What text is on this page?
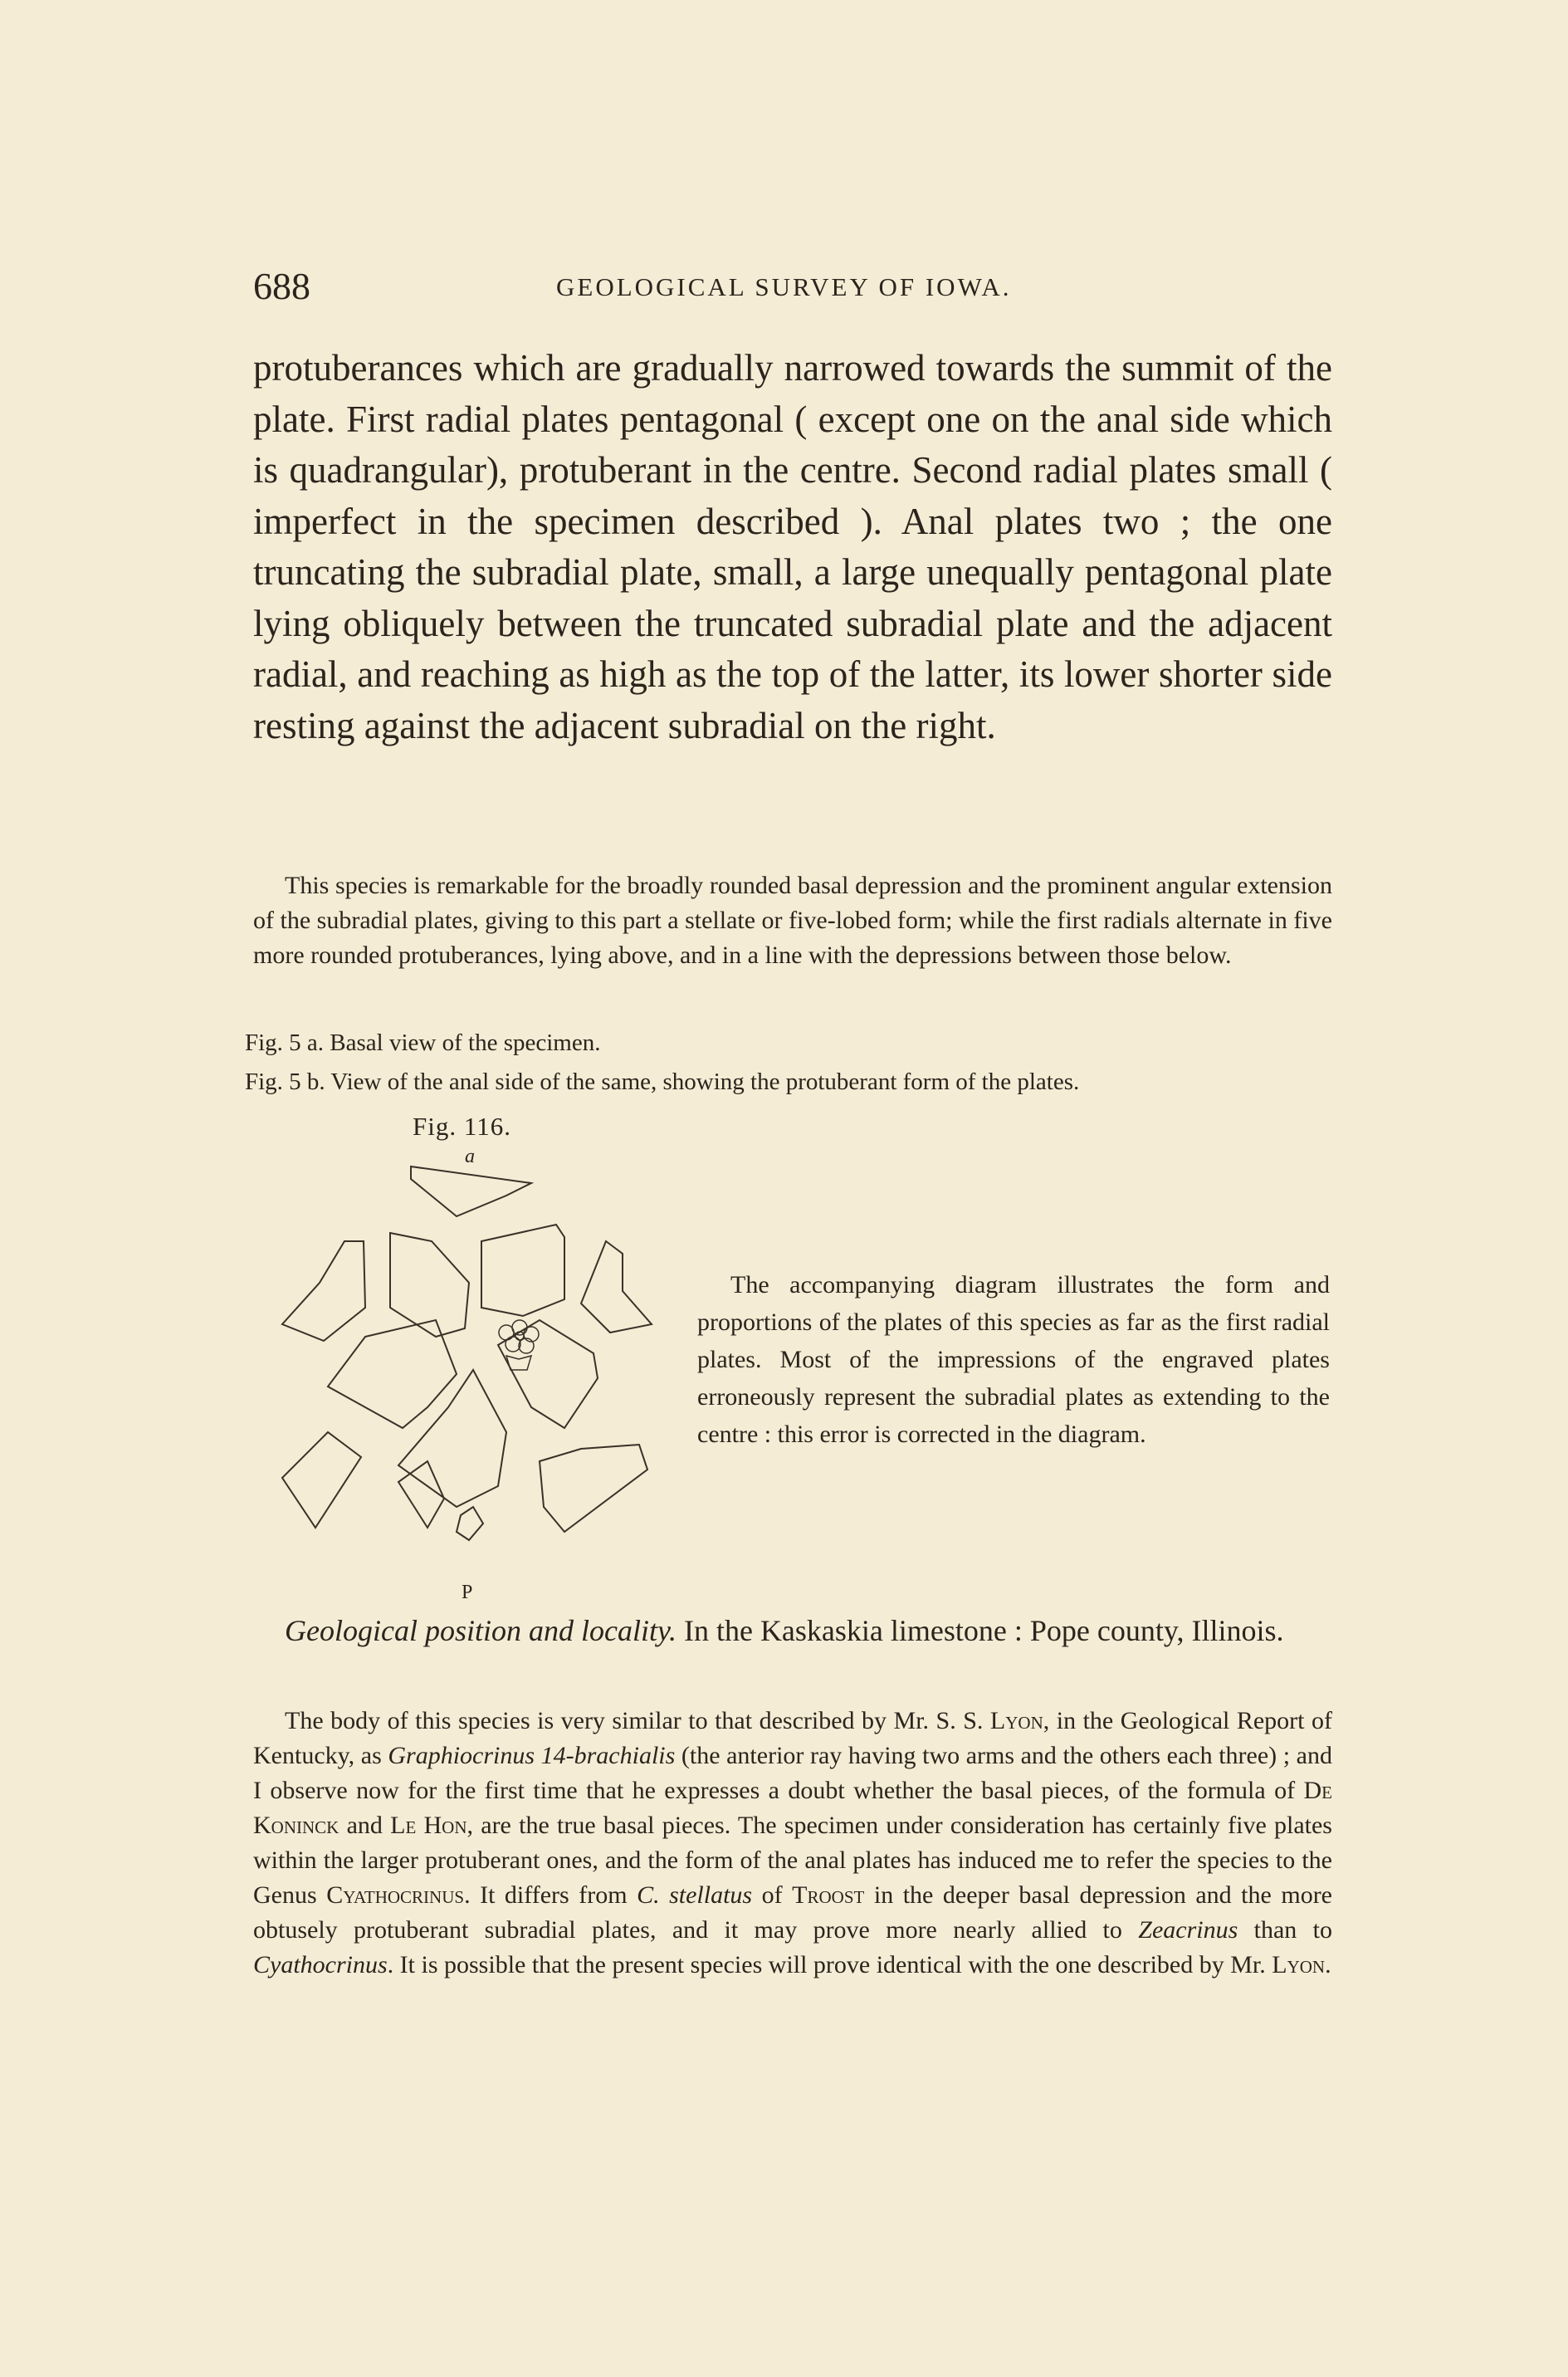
688	GEOLOGICAL SURVEY OF IOWA.
protuberances which are gradually narrowed towards the summit of the plate. First radial plates pentagonal ( except one on the anal side which is quadrangular), protuberant in the centre. Second radial plates small ( imperfect in the specimen described ). Anal plates two ; the one truncating the subradial plate, small, a large unequally pentagonal plate lying obliquely between the truncated subradial plate and the adjacent radial, and reaching as high as the top of the latter, its lower shorter side resting against the adjacent subradial on the right.
This species is remarkable for the broadly rounded basal depression and the prominent angular extension of the subradial plates, giving to this part a stellate or five-lobed form; while the first radials alternate in five more rounded protuberances, lying above, and in a line with the depressions between those below.
Fig. 5 a. Basal view of the specimen.
Fig. 5 b. View of the anal side of the same, showing the protuberant form of the plates.
Fig. 116.
a
P
The accompanying diagram illustrates the form and proportions of the plates of this species as far as the first radial plates. Most of the impressions of the engraved plates erroneously represent the subradial plates as extending to the centre : this error is corrected in the diagram.
Geological position and locality. In the Kaskaskia limestone : Pope county, Illinois.
The body of this species is very similar to that described by Mr. S. S. Lyon, in the Geological Report of Kentucky, as Graphiocrinus 14-brachialis (the anterior ray having two arms and the others each three) ; and I observe now for the first time that he expresses a doubt whether the basal pieces, of the formula of De Koninck and Le Hon, are the true basal pieces. The specimen under consideration has certainly five plates within the larger protuberant ones, and the form of the anal plates has induced me to refer the species to the Genus Cyathocrinus. It differs from C. stellatus of Troost in the deeper basal depression and the more obtusely protuberant subradial plates, and it may prove more nearly allied to Zeacrinus than to Cyathocrinus. It is possible that the present species will prove identical with the one described by Mr. Lyon.
